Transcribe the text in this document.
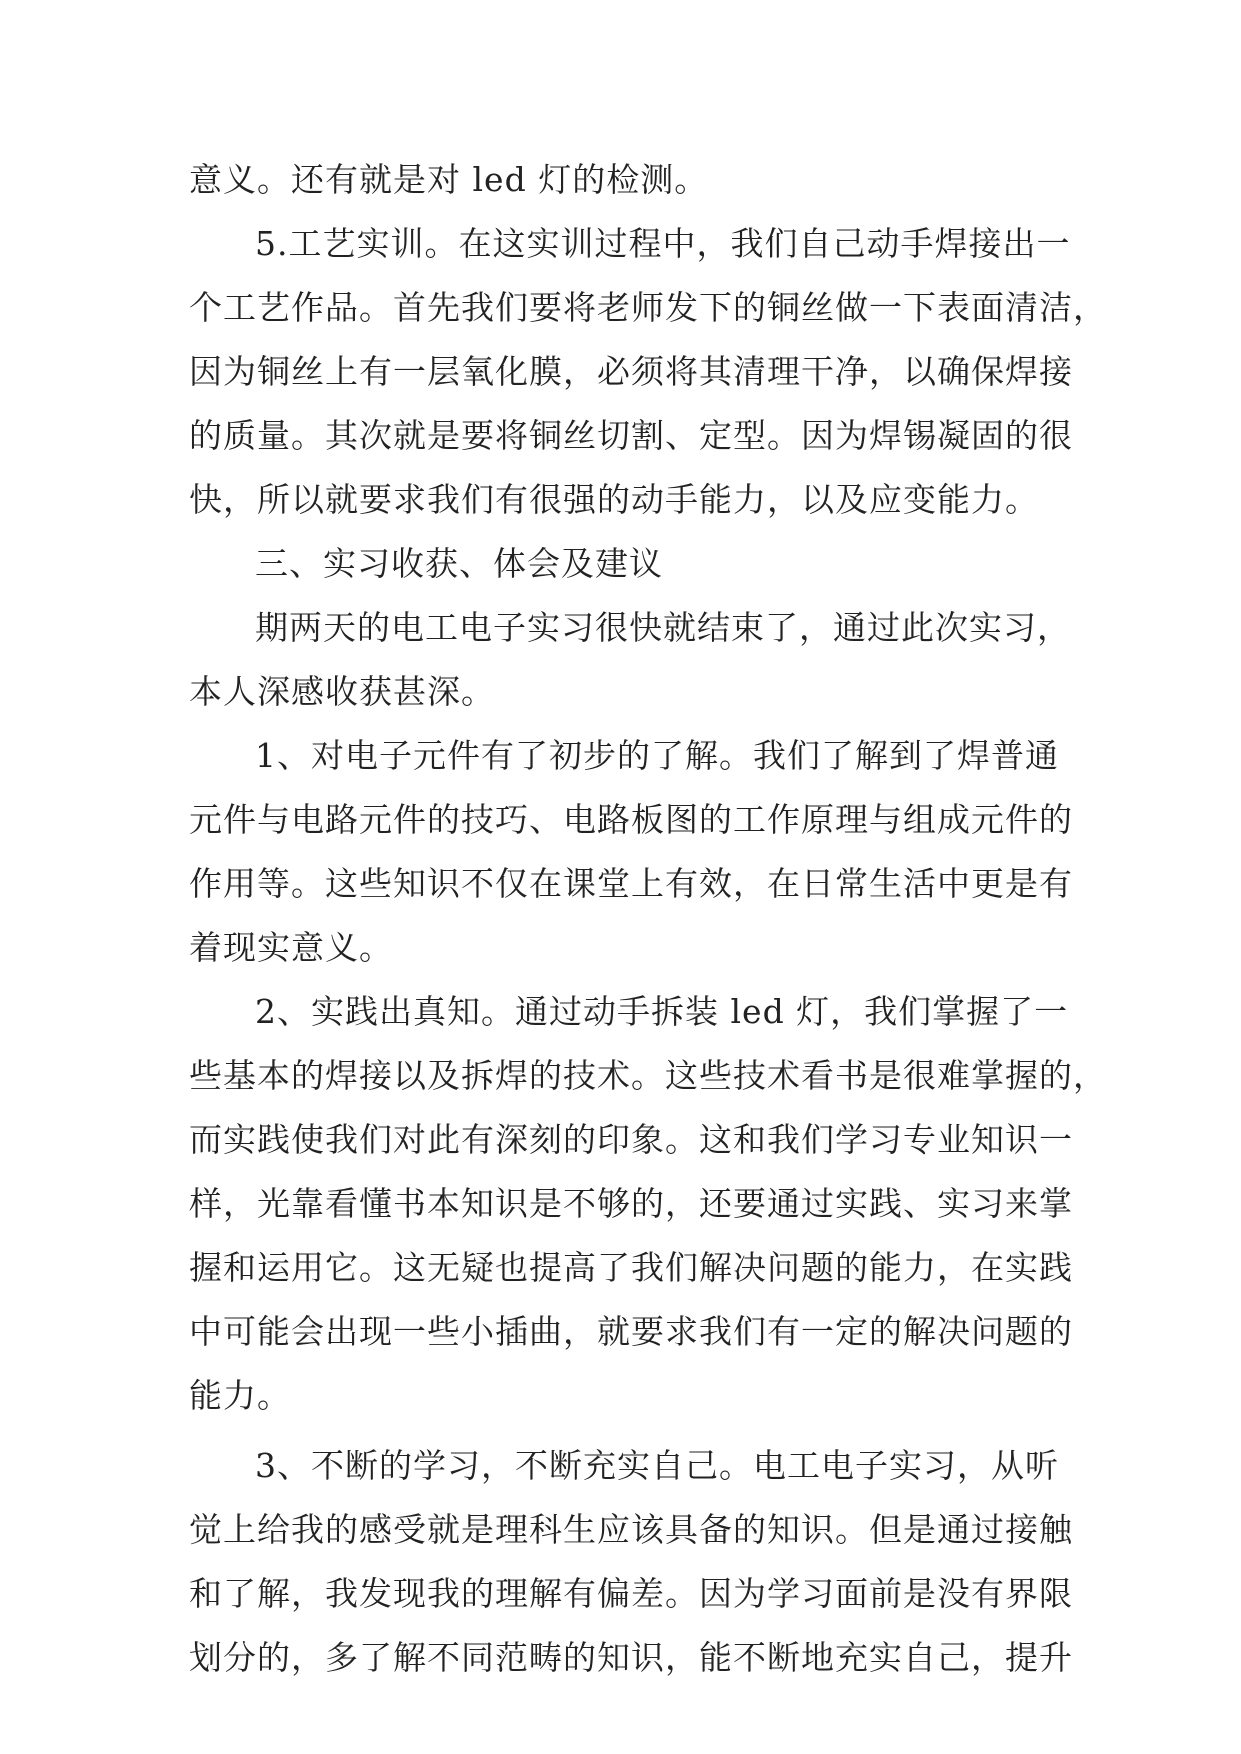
意义。还有就是对 led 灯的检测。
5.工艺实训。在这实训过程中，我们自己动手焊接出一
个工艺作品。首先我们要将老师发下的铜丝做一下表面清洁，
因为铜丝上有一层氧化膜，必须将其清理干净，以确保焊接
的质量。其次就是要将铜丝切割、定型。因为焊锡凝固的很
快，所以就要求我们有很强的动手能力，以及应变能力。
三、实习收获、体会及建议
期两天的电工电子实习很快就结束了，通过此次实习，
本人深感收获甚深。
1、对电子元件有了初步的了解。我们了解到了焊普通
元件与电路元件的技巧、电路板图的工作原理与组成元件的
作用等。这些知识不仅在课堂上有效，在日常生活中更是有
着现实意义。
2、实践出真知。通过动手拆装 led 灯，我们掌握了一
些基本的焊接以及拆焊的技术。这些技术看书是很难掌握的，
而实践使我们对此有深刻的印象。这和我们学习专业知识一
样，光靠看懂书本知识是不够的，还要通过实践、实习来掌
握和运用它。这无疑也提高了我们解决问题的能力，在实践
中可能会出现一些小插曲，就要求我们有一定的解决问题的
能力。
3、不断的学习，不断充实自己。电工电子实习，从听
觉上给我的感受就是理科生应该具备的知识。但是通过接触
和了解，我发现我的理解有偏差。因为学习面前是没有界限
划分的，多了解不同范畴的知识，能不断地充实自己，提升
